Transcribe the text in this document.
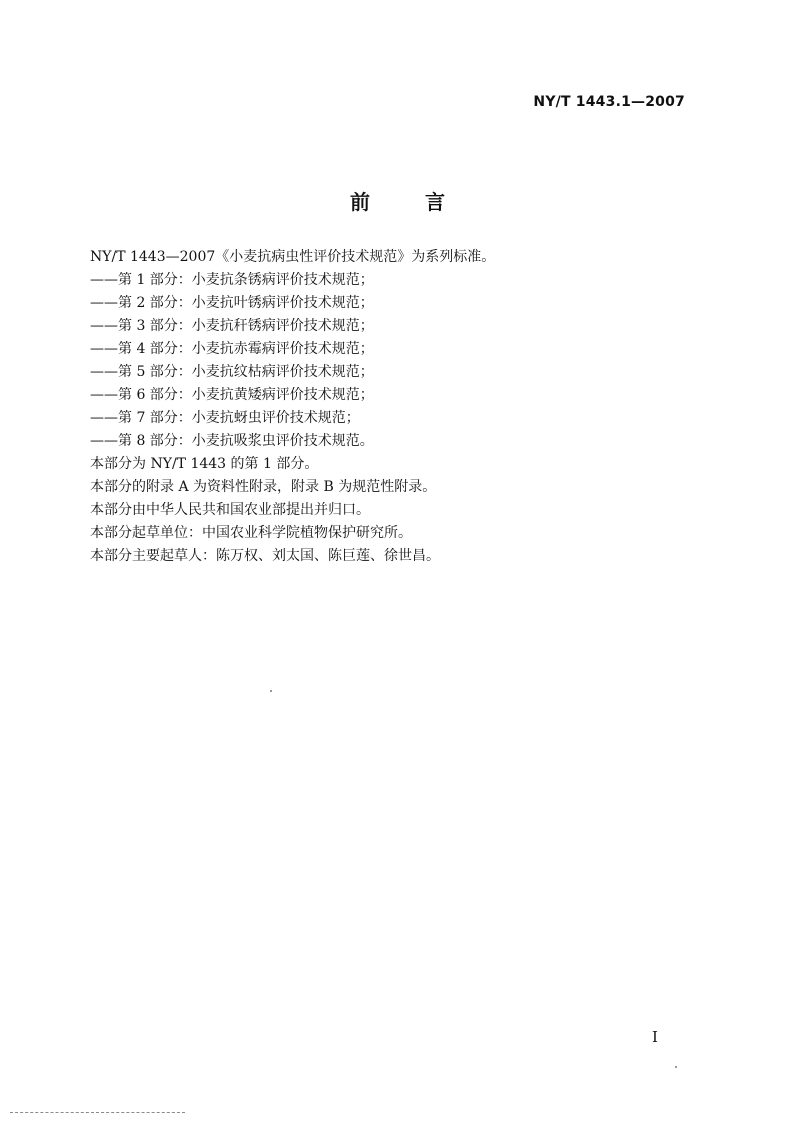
NY/T 1443.1—2007
前 言
NY/T 1443—2007《小麦抗病虫性评价技术规范》为系列标准。
——第 1 部分：小麦抗条锈病评价技术规范；
——第 2 部分：小麦抗叶锈病评价技术规范；
——第 3 部分：小麦抗秆锈病评价技术规范；
——第 4 部分：小麦抗赤霉病评价技术规范；
——第 5 部分：小麦抗纹枯病评价技术规范；
——第 6 部分：小麦抗黄矮病评价技术规范；
——第 7 部分：小麦抗蚜虫评价技术规范；
——第 8 部分：小麦抗吸浆虫评价技术规范。
本部分为 NY/T 1443 的第 1 部分。
本部分的附录 A 为资料性附录，附录 B 为规范性附录。
本部分由中华人民共和国农业部提出并归口。
本部分起草单位：中国农业科学院植物保护研究所。
本部分主要起草人：陈万权、刘太国、陈巨莲、徐世昌。
I
